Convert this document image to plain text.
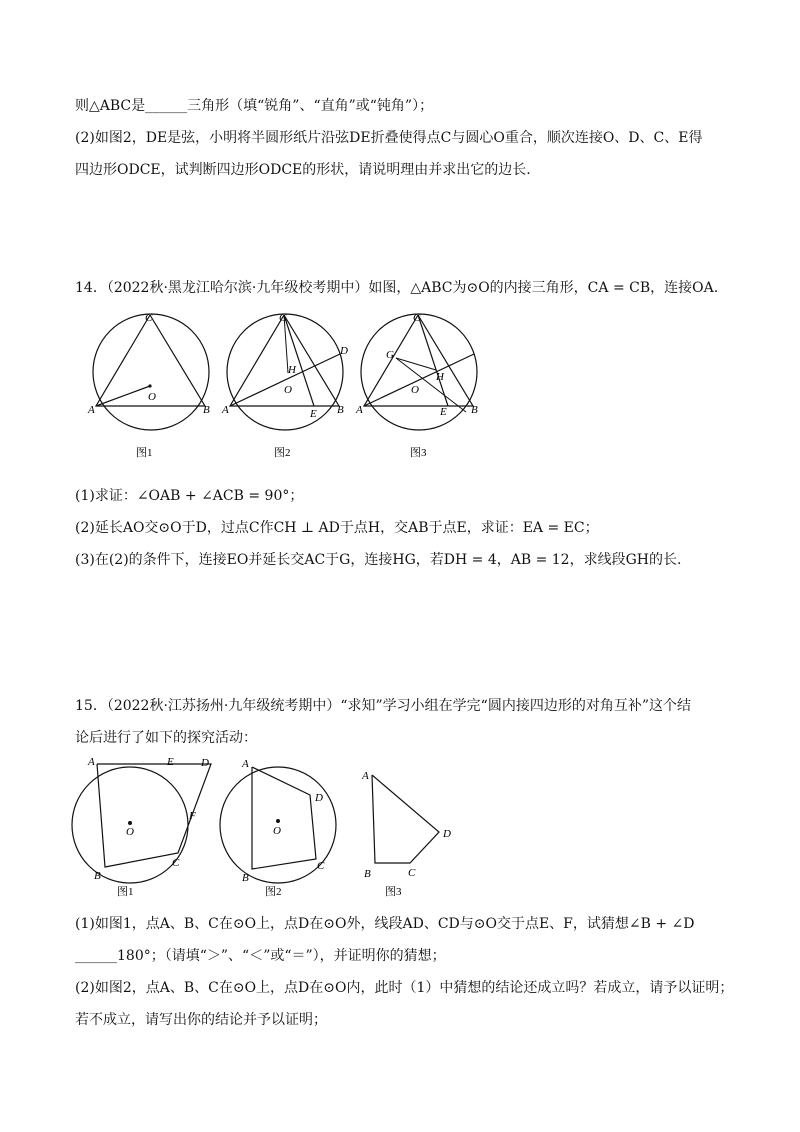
则△ABC是______三角形（填“锐角”、“直角”或“钝角”）；
(2)如图2，DE是弦，小明将半圆形纸片沿弦DE折叠使得点C与圆心O重合，顺次连接O、D、C、E得
四边形ODCE，试判断四边形ODCE的形状，请说明理由并求出它的边长.
14．（2022秋·黑龙江哈尔滨·九年级校考期中）如图，△ABC为⊙O的内接三角形，CA = CB，连接OA.
C
A	B
O
图1
C
A	B
O
D
H
E
图2
C
A	B
O
H
E
G
图3
(1)求证：∠OAB + ∠ACB = 90°；
(2)延长AO交⊙O于D，过点C作CH ⊥ AD于点H，交AB于点E，求证：EA = EC；
(3)在(2)的条件下，连接EO并延长交AC于G，连接HG，若DH = 4，AB = 12，求线段GH的长.
15．（2022秋·江苏扬州·九年级统考期中）“求知”学习小组在学完“圆内接四边形的对角互补”这个结
论后进行了如下的探究活动：
A
B
C
D
E
F
O
图1
A
B
C
D
O
图2
A
B	C
D
图3
(1)如图1，点A、B、C在⊙O上，点D在⊙O外，线段AD、CD与⊙O交于点E、F，试猜想∠B + ∠D
______180°；（请填“＞”、“＜”或“＝”），并证明你的猜想；
(2)如图2，点A、B、C在⊙O上，点D在⊙O内，此时（1）中猜想的结论还成立吗？若成立，请予以证明；
若不成立，请写出你的结论并予以证明；
